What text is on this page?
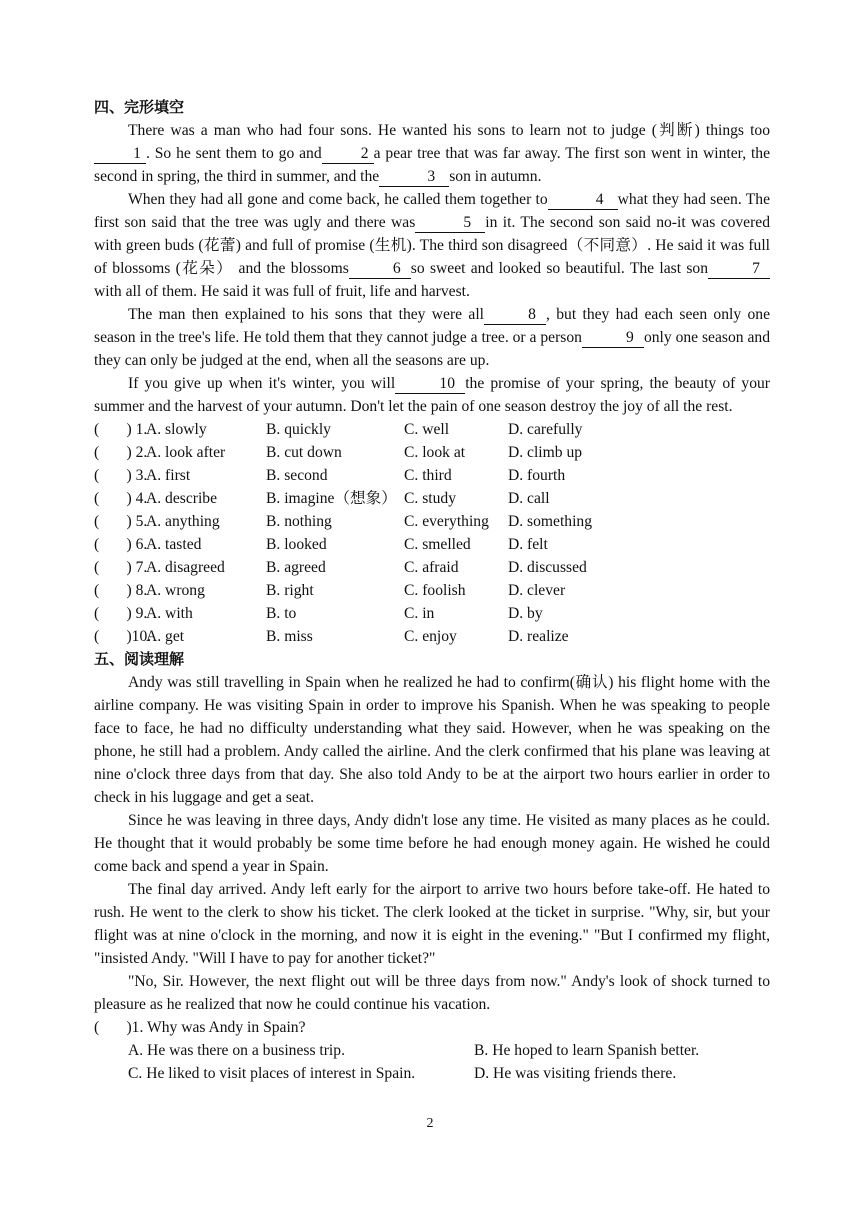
四、完形填空

There was a man who had four sons. He wanted his sons to learn not to judge (判断) things too1 . So he sent them to go and	2 a pear tree that was far away. The first son went in winter, the second in spring, the third in summer, and the	3 son in autumn.

When they had all gone and come back, he called them together to	4 what they had seen. The first son said that the tree was ugly and there was	5 in it. The second son said no-it was covered with green buds (花蕾) and full of promise (生机). The third son disagreed（不同意）. He said it was full of blossoms (花朵） and the blossoms	6 so sweet and looked so beautiful. The last son	7with all of them. He said it was full of fruit, life and harvest.

The man then explained to his sons that they were all	8 , but they had each seen only one season in the tree's life. He told them that they cannot judge a tree. or a person	9 only one season and they can only be judged at the end, when all the seasons are up.

If you give up when it's winter, you will	10 the promise of your spring, the beauty of your summer and the harvest of your autumn. Don't let the pain of one season destroy the joy of all the rest.

(       ) 1.
A. slowly	B. quickly	C. well	D. carefully
(       ) 2.
A. look after	B. cut down	C. look at	D. climb up
(       ) 3.
A. first	B. second	C. third	D. fourth
(       ) 4.
A. describe	B. imagine（想象） C. study	D. call
(       ) 5.
A. anything	B. nothing	C. everything	D. something
(       ) 6.
A. tasted	B. looked	C. smelled	D. felt
(       ) 7.
A. disagreed	B. agreed	C. afraid	D. discussed
(       ) 8.
A. wrong	B. right	C. foolish	D. clever
(       ) 9.
A. with	B. to	C. in	D. by
(       )10.
A. get	B. miss	C. enjoy	D. realize
五、阅读理解

Andy was still travelling in Spain when he realized he had to confirm(确认) his flight home with the airline company. He was visiting Spain in order to improve his Spanish. When he was speaking to people face to face, he had no difficulty understanding what they said. However, when he was speaking on the phone, he still had a problem. Andy called the airline. And the clerk confirmed that his plane was leaving at nine o'clock three days from that day. She also told Andy to be at the airport two hours earlier in order to check in his luggage and get a seat.

Since he was leaving in three days, Andy didn't lose any time. He visited as many places as he could. He thought that it would probably be some time before he had enough money again. He wished he could come back and spend a year in Spain.

The final day arrived. Andy left early for the airport to arrive two hours before take-off. He hated to rush. He went to the clerk to show his ticket. The clerk looked at the ticket in surprise. "Why, sir, but your flight was at nine o'clock in the morning, and now it is eight in the evening." "But I confirmed my flight, "insisted Andy. "Will I have to pay for another ticket?"

"No, Sir. However, the next flight out will be three days from now." Andy's look of shock turned to pleasure as he realized that now he could continue his vacation.

(       )1. Why was Andy in Spain?
A. He was there on a business trip.	B. He hoped to learn Spanish better.
C. He liked to visit places of interest in Spain.	D. He was visiting friends there.
2
